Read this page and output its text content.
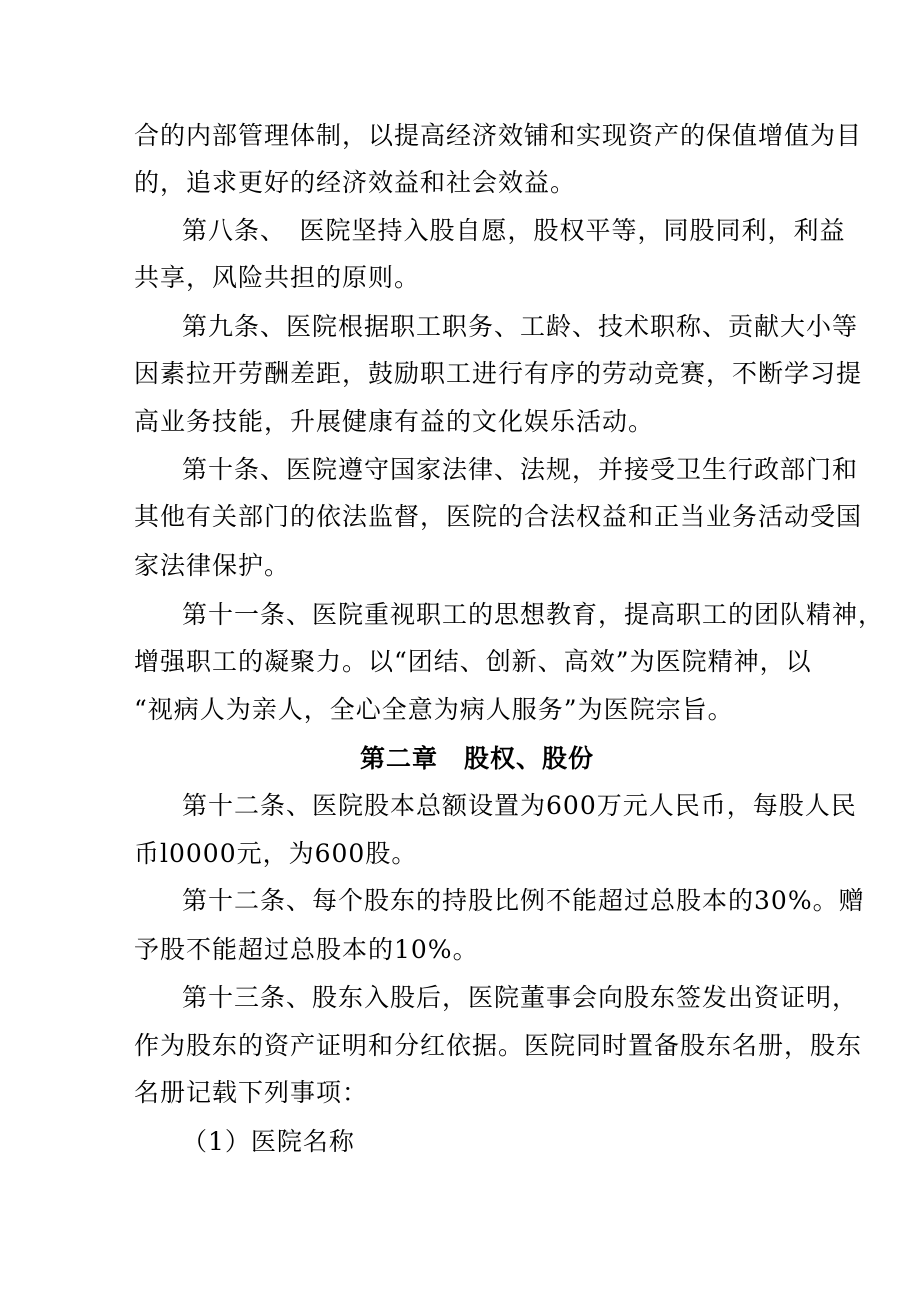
合的内部管理体制，以提高经济效铺和实现资产的保值增值为目
的，追求更好的经济效益和社会效益。
第八条、　医院坚持入股自愿，股权平等，同股同利，利益
共享，风险共担的原则。
第九条、医院根据职工职务、工龄、技术职称、贡献大小等
因素拉开劳酬差距，鼓励职工进行有序的劳动竞赛，不断学习提
高业务技能，升展健康有益的文化娱乐活动。
第十条、医院遵守国家法律、法规，并接受卫生行政部门和
其他有关部门的依法监督，医院的合法权益和正当业务活动受国
家法律保护。
第十一条、医院重视职工的思想教育，提高职工的团队精神，
增强职工的凝聚力。以“团结、创新、高效”为医院精神，以
“视病人为亲人，全心全意为病人服务”为医院宗旨。
第二章　股权、股份
第十二条、医院股本总额设置为600万元人民币，每股人民
币l0000元，为600股。
第十二条、每个股东的持股比例不能超过总股本的30%。赠
予股不能超过总股本的10%。
第十三条、股东入股后，医院董事会向股东签发出资证明，
作为股东的资产证明和分红依据。医院同时置备股东名册，股东
名册记载下列事项：
（1）医院名称
